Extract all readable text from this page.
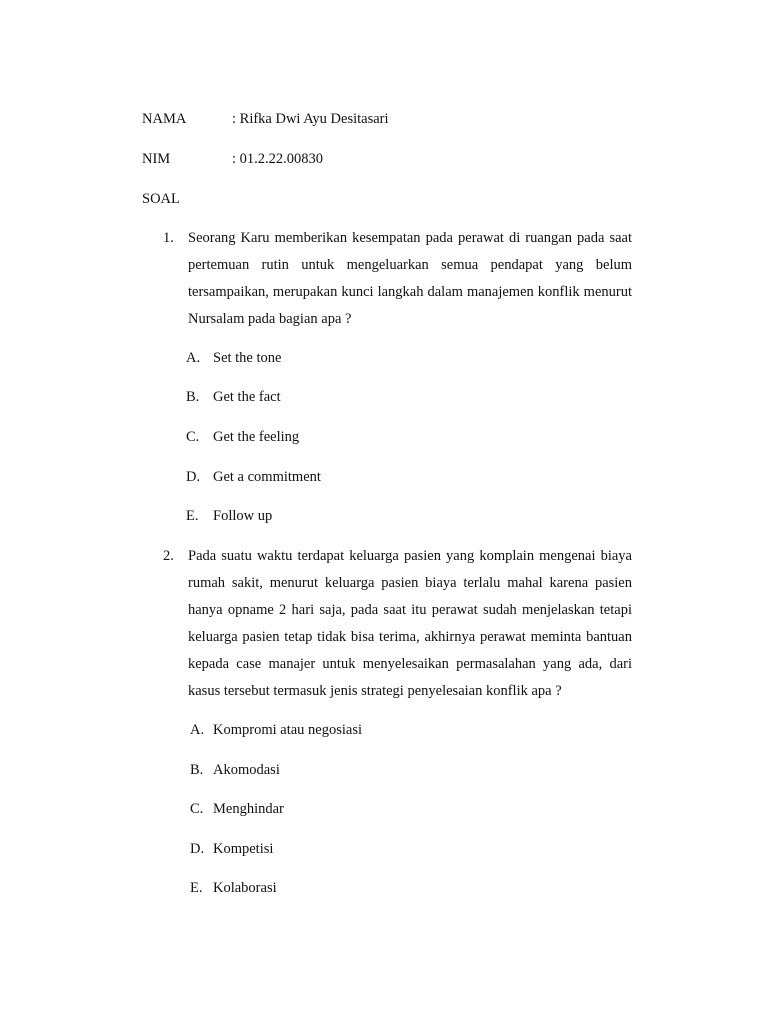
NAMA	: Rifka Dwi Ayu Desitasari
NIM	: 01.2.22.00830
SOAL
1. Seorang Karu memberikan kesempatan pada perawat di ruangan pada saat pertemuan rutin untuk mengeluarkan semua pendapat yang belum tersampaikan, merupakan kunci langkah dalam manajemen konflik menurut Nursalam pada bagian apa ?
A. Set the tone
B. Get the fact
C. Get the feeling
D. Get a commitment
E. Follow up
2. Pada suatu waktu terdapat keluarga pasien yang komplain mengenai biaya rumah sakit, menurut keluarga pasien biaya terlalu mahal karena pasien hanya opname 2 hari saja, pada saat itu perawat sudah menjelaskan tetapi keluarga pasien tetap tidak bisa terima, akhirnya perawat meminta bantuan kepada case manajer untuk menyelesaikan permasalahan yang ada, dari kasus tersebut termasuk jenis strategi penyelesaian konflik apa ?
A. Kompromi atau negosiasi
B. Akomodasi
C. Menghindar
D. Kompetisi
E. Kolaborasi
